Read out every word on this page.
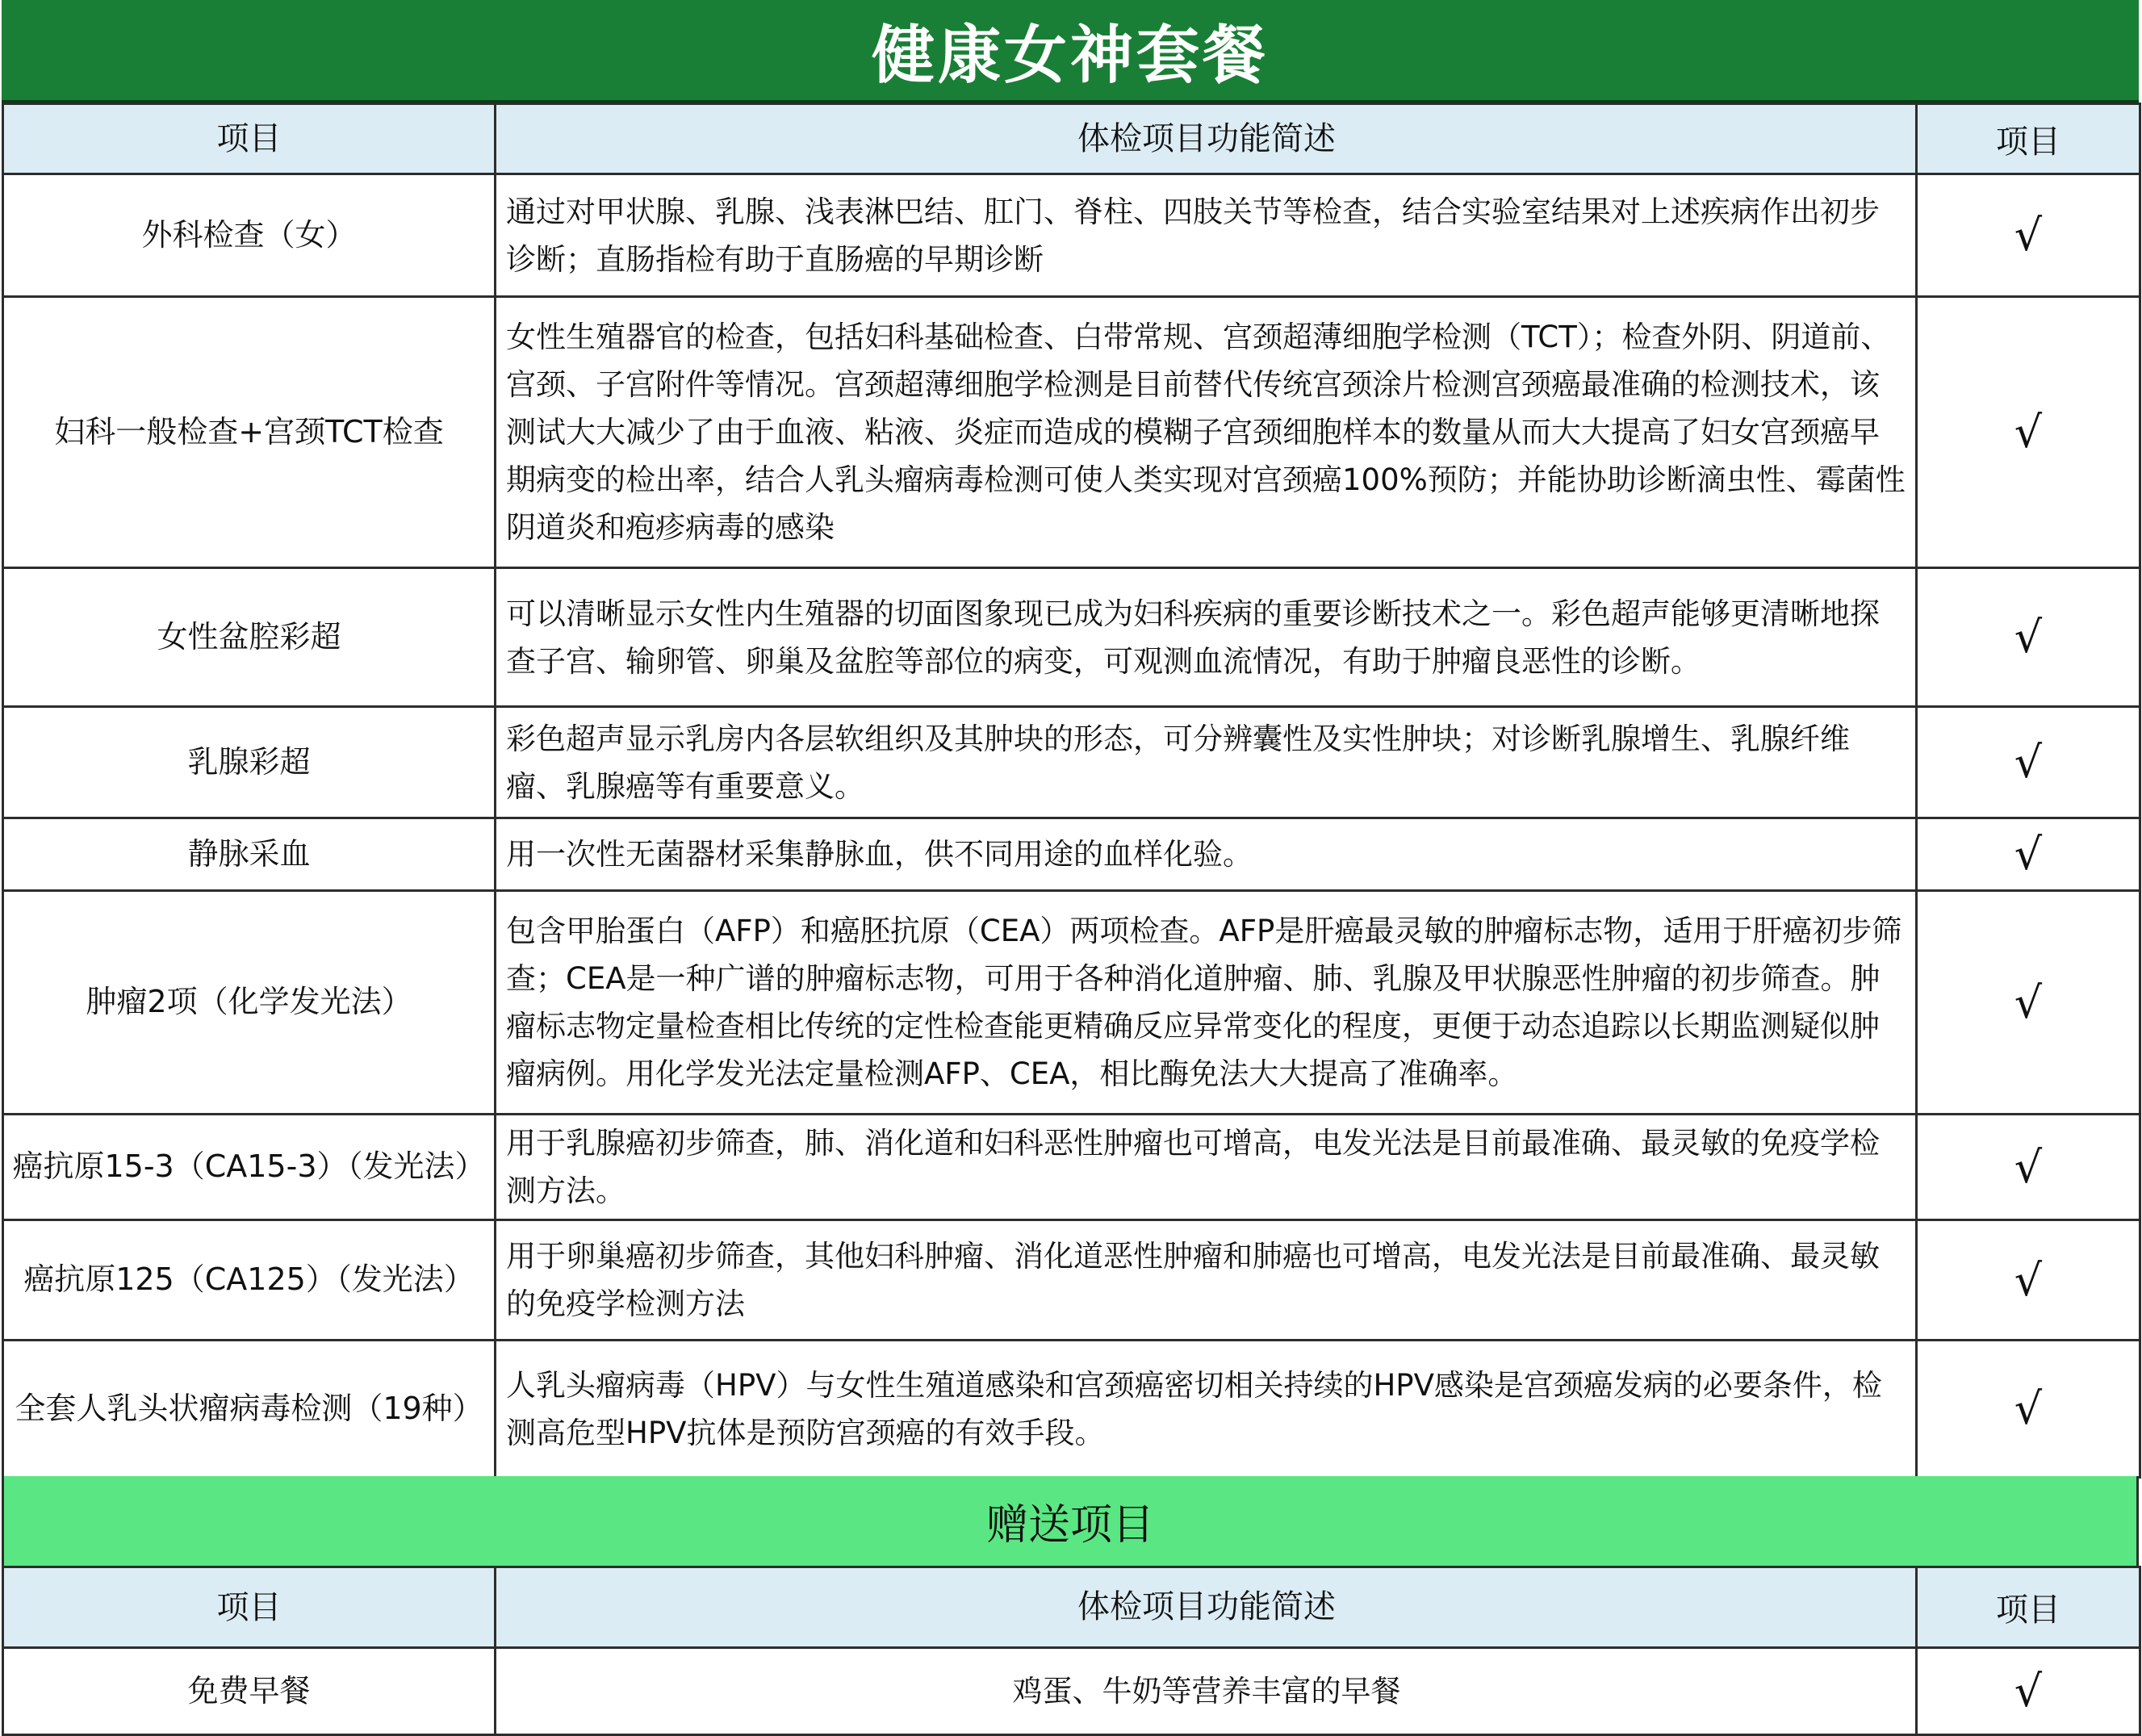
健康女神套餐
项目	体检项目功能简述	项目
外科检查（女）	通过对甲状腺、乳腺、浅表淋巴结、肛门、脊柱、四肢关节等检查，结合实验室结果对上述疾病作出初步诊断；直肠指检有助于直肠癌的早期诊断	√
妇科一般检查+宫颈TCT检查	女性生殖器官的检查，包括妇科基础检查、白带常规、宫颈超薄细胞学检测（TCT）；检查外阴、阴道前、宫颈、子宫附件等情况。宫颈超薄细胞学检测是目前替代传统宫颈涂片检测宫颈癌最准确的检测技术，该测试大大减少了由于血液、粘液、炎症而造成的模糊子宫颈细胞样本的数量从而大大提高了妇女宫颈癌早期病变的检出率，结合人乳头瘤病毒检测可使人类实现对宫颈癌100%预防；并能协助诊断滴虫性、霉菌性阴道炎和疱疹病毒的感染	√
女性盆腔彩超	可以清晰显示女性内生殖器的切面图象现已成为妇科疾病的重要诊断技术之一。彩色超声能够更清晰地探查子宫、输卵管、卵巢及盆腔等部位的病变，可观测血流情况，有助于肿瘤良恶性的诊断。	√
乳腺彩超	彩色超声显示乳房内各层软组织及其肿块的形态，可分辨囊性及实性肿块；对诊断乳腺增生、乳腺纤维瘤、乳腺癌等有重要意义。	√
静脉采血	用一次性无菌器材采集静脉血，供不同用途的血样化验。	√
肿瘤2项（化学发光法）	包含甲胎蛋白（AFP）和癌胚抗原（CEA）两项检查。AFP是肝癌最灵敏的肿瘤标志物，适用于肝癌初步筛查；CEA是一种广谱的肿瘤标志物，可用于各种消化道肿瘤、肺、乳腺及甲状腺恶性肿瘤的初步筛查。肿瘤标志物定量检查相比传统的定性检查能更精确反应异常变化的程度，更便于动态追踪以长期监测疑似肿瘤病例。用化学发光法定量检测AFP、CEA，相比酶免法大大提高了准确率。	√
癌抗原15-3（CA15-3）（发光法）	用于乳腺癌初步筛查，肺、消化道和妇科恶性肿瘤也可增高，电发光法是目前最准确、最灵敏的免疫学检测方法。	√
癌抗原125（CA125）（发光法）	用于卵巢癌初步筛查，其他妇科肿瘤、消化道恶性肿瘤和肺癌也可增高，电发光法是目前最准确、最灵敏的免疫学检测方法	√
全套人乳头状瘤病毒检测（19种）	人乳头瘤病毒（HPV）与女性生殖道感染和宫颈癌密切相关持续的HPV感染是宫颈癌发病的必要条件，检测高危型HPV抗体是预防宫颈癌的有效手段。	√
赠送项目
项目	体检项目功能简述	项目
免费早餐	鸡蛋、牛奶等营养丰富的早餐	√
